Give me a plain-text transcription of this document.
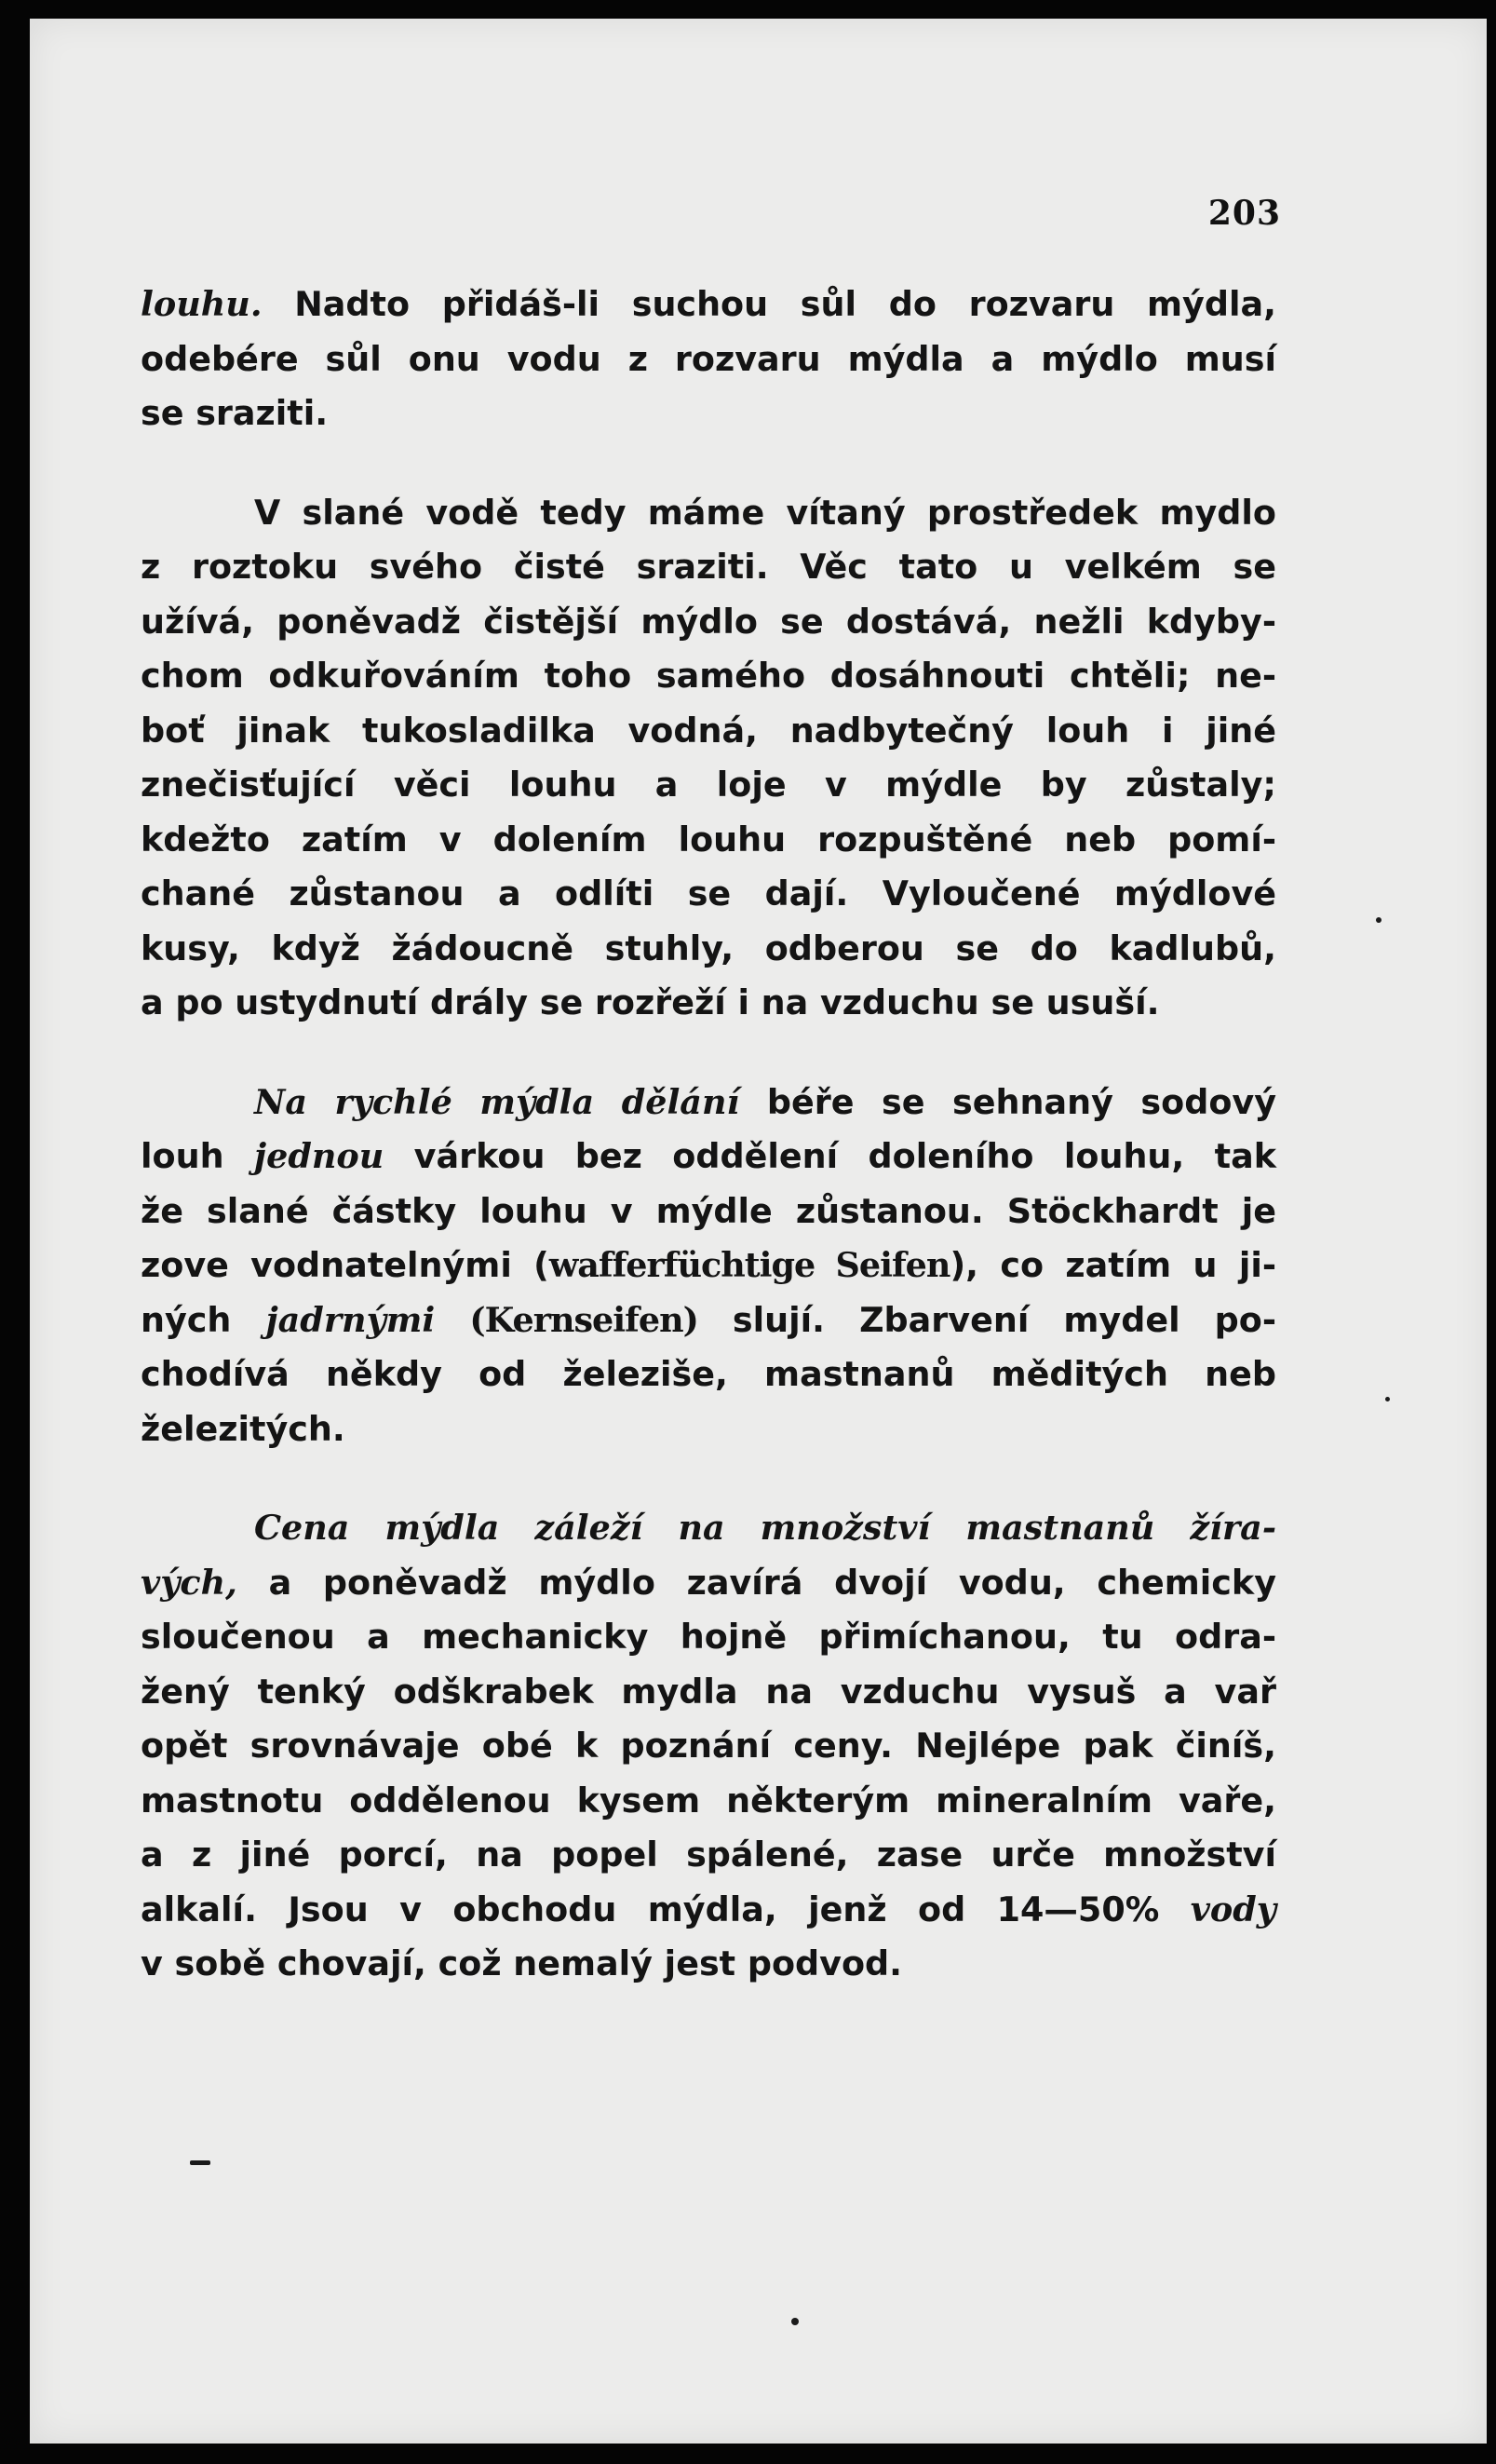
203
louhu. Nadto přidáš-li suchou sůl do rozvaru mýdla,
odebére sůl onu vodu z rozvaru mýdla a mýdlo musí
se sraziti.
V slané vodě tedy máme vítaný prostředek mydlo
z roztoku svého čisté sraziti. Věc tato u velkém se
užívá, poněvadž čistější mýdlo se dostává, nežli kdyby-
chom odkuřováním toho samého dosáhnouti chtěli; ne-
boť jinak tukosladilka vodná, nadbytečný louh i jiné
znečisťující věci louhu a loje v mýdle by zůstaly;
kdežto zatím v dolením louhu rozpuštěné neb pomí-
chané zůstanou a odlíti se dají. Vyloučené mýdlové
kusy, když žádoucně stuhly, odberou se do kadlubů,
a po ustydnutí drály se rozřeží i na vzduchu se usuší.
Na rychlé mýdla dělání béře se sehnaný sodový
louh jednou várkou bez oddělení doleního louhu, tak
že slané částky louhu v mýdle zůstanou. Stöckhardt je
zove vodnatelnými (wafferfüchtige Seifen), co zatím u ji-
ných jadrnými (Kernseifen) slují. Zbarvení mydel po-
chodívá někdy od železiše, mastnanů měditých neb
železitých.
Cena mýdla záleží na množství mastnanů žíra-
vých, a poněvadž mýdlo zavírá dvojí vodu, chemicky
sloučenou a mechanicky hojně přimíchanou, tu odra-
žený tenký odškrabek mydla na vzduchu vysuš a vař
opět srovnávaje obé k poznání ceny. Nejlépe pak činíš,
mastnotu oddělenou kysem některým mineralním vaře,
a z jiné porcí, na popel spálené, zase urče množství
alkalí. Jsou v obchodu mýdla, jenž od 14—50% vody
v sobě chovají, což nemalý jest podvod.
